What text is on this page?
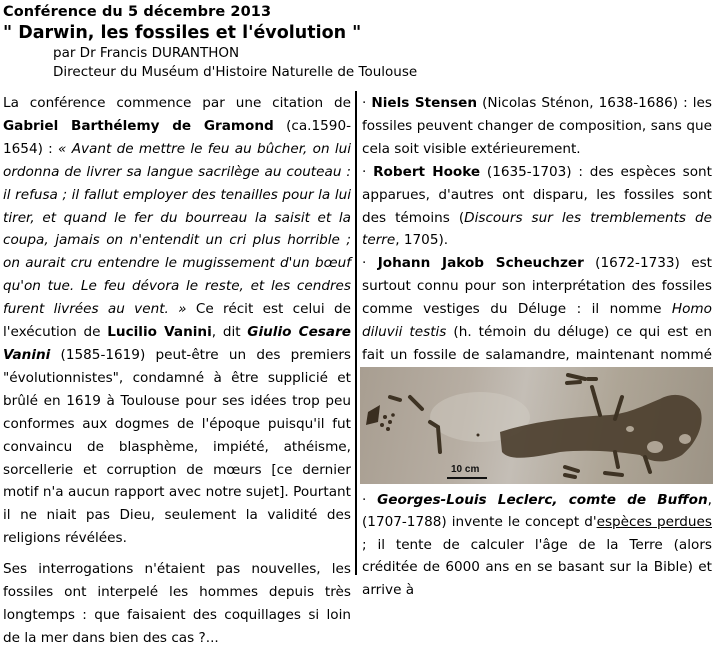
Conférence du 5 décembre 2013
" Darwin, les fossiles et l'évolution "
par Dr Francis DURANTHON
Directeur du Muséum d'Histoire Naturelle de Toulouse

La conférence commence par une citation de Gabriel Barthélemy de Gramond (ca.1590-1654) : « Avant de mettre le feu au bûcher, on lui ordonna de livrer sa langue sacrilège au couteau : il refusa ; il fallut employer des tenailles pour la lui tirer, et quand le fer du bourreau la saisit et la coupa, jamais on n'entendit un cri plus horrible ; on aurait cru entendre le mugissement d'un bœuf qu'on tue. Le feu dévora le reste, et les cendres furent livrées au vent. » Ce récit est celui de l'exécution de Lucilio Vanini, dit Giulio Cesare Vanini (1585-1619) peut-être un des premiers "évolutionnistes", condamné à être supplicié et brûlé en 1619 à Toulouse pour ses idées trop peu conformes aux dogmes de l'époque puisqu'il fut convaincu de blasphème, impiété, athéisme, sorcellerie et corruption de mœurs [ce dernier motif n'a aucun rapport avec notre sujet]. Pourtant il ne niait pas Dieu, seulement la validité des religions révélées.

Ses interrogations n'étaient pas nouvelles, les fossiles ont interpelé les hommes depuis très longtemps : que faisaient des coquillages si loin de la mer dans bien des cas ?...

· Niels Stensen (Nicolas Sténon, 1638-1686) : les fossiles peuvent changer de composition, sans que cela soit visible extérieurement.

· Robert Hooke (1635-1703) : des espèces sont apparues, d'autres ont disparu, les fossiles sont des témoins (Discours sur les tremblements de terre, 1705).

· Johann Jakob Scheuchzer (1672-1733) est surtout connu pour son interprétation des fossiles comme vestiges du Déluge : il nomme Homo diluvii testis (h. témoin du déluge) ce qui est en fait un fossile de salamandre, maintenant nommé

10 cm

· Georges-Louis Leclerc, comte de Buffon, (1707-1788) invente le concept d'espèces perdues ; il tente de calculer l'âge de la Terre (alors créditée de 6000 ans en se basant sur la Bible) et arrive à
